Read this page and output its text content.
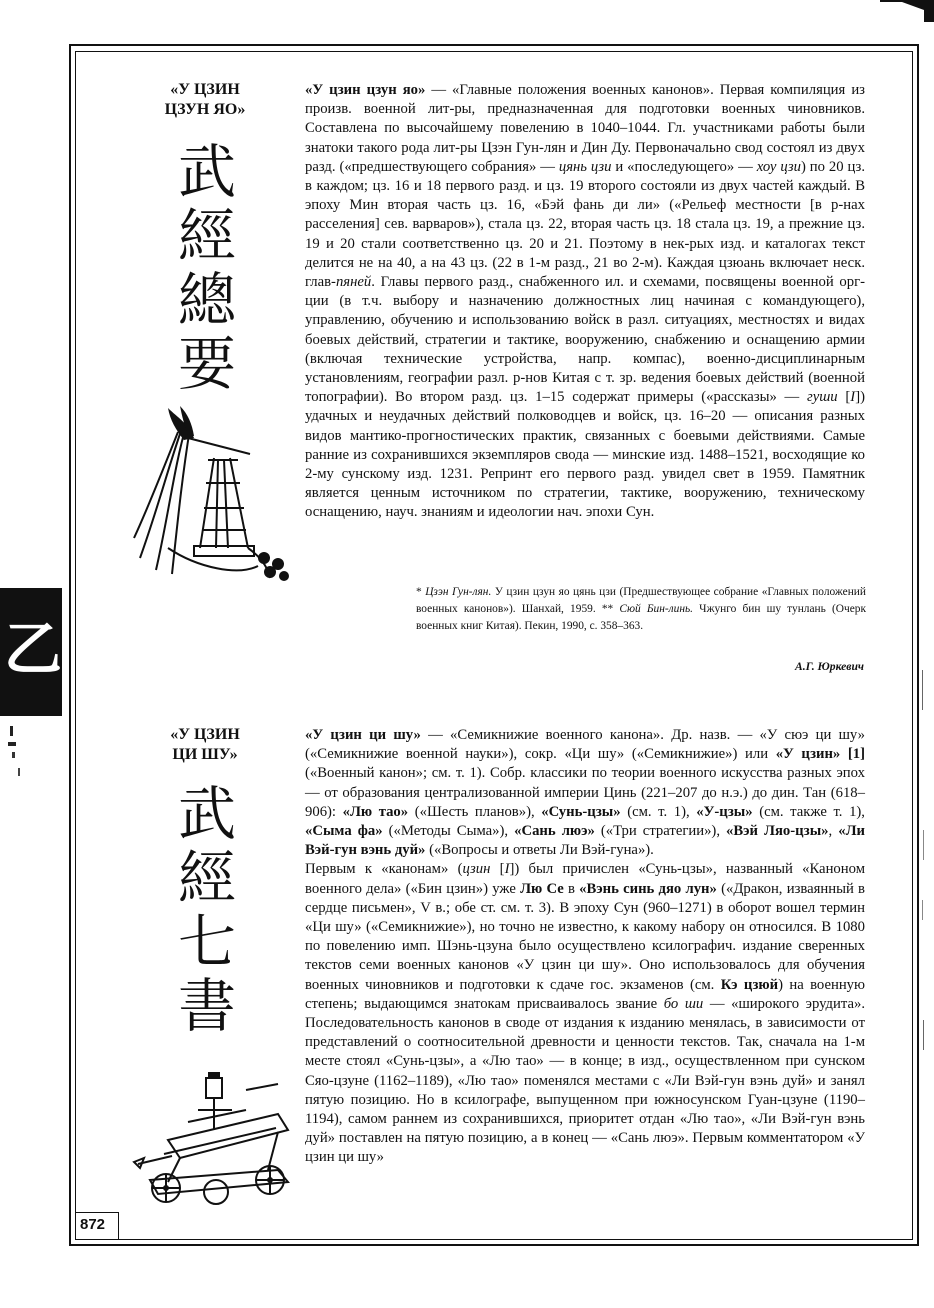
乙
«У ЦЗИН
ЦЗУН ЯО»
武
經
總
要

«У цзин цзун яо» — «Главные положения военных канонов». Первая компиляция из произв. военной лит-ры, предназначенная для подготовки военных чиновников. Составлена по высочайшему повелению в 1040–1044. Гл. участниками работы были знатоки такого рода лит-ры Цзэн Гун-лян и Дин Ду. Первоначально свод состоял из двух разд. («предшествующего собрания» — цянь цзи и «последующего» — хоу цзи) по 20 цз. в каждом; цз. 16 и 18 первого разд. и цз. 19 второго состояли из двух частей каждый. В эпоху Мин вторая часть цз. 16, «Бэй фань ди ли» («Рельеф местности [в р-нах расселения] сев. варваров»), стала цз. 22, вторая часть цз. 18 стала цз. 19, а прежние цз. 19 и 20 стали соответственно цз. 20 и 21. Поэтому в нек-рых изд. и каталогах текст делится не на 40, а на 43 цз. (22 в 1-м разд., 21 во 2-м). Каждая цзюань включает неск. глав-пяней. Главы первого разд., снабженного ил. и схемами, посвящены военной орг-ции (в т.ч. выбору и назначению должностных лиц начиная с командующего), управлению, обучению и использованию войск в разл. ситуациях, местностях и видах боевых действий, стратегии и тактике, вооружению, снабжению и оснащению армии (включая технические устройства, напр. компас), военно-дисциплинарным установлениям, географии разл. р-нов Китая с т. зр. ведения боевых действий (военной топографии). Во втором разд. цз. 1–15 содержат примеры («рассказы» — гуши [I]) удачных и неудачных действий полководцев и войск, цз. 16–20 — описания разных видов мантико-прогностических практик, связанных с боевыми действиями. Самые ранние из сохранившихся экземпляров свода — минские изд. 1488–1521, восходящие ко 2-му сунскому изд. 1231. Репринт его первого разд. увидел свет в 1959. Памятник является ценным источником по стратегии, тактике, вооружению, техническому оснащению, науч. знаниям и идеологии нач. эпохи Сун.

* Цзэн Гун-лян. У цзин цзун яо цянь цзи (Предшествующее собрание «Главных положений военных канонов»). Шанхай, 1959. ** Сюй Бин-линь. Чжунго бин шу тунлань (Очерк военных книг Китая). Пекин, 1990, с. 358–363.
А.Г. Юркевич
«У ЦЗИН
ЦИ ШУ»
武
經
七
書

«У цзин ци шу» — «Семикнижие военного канона». Др. назв. — «У сюэ ци шу» («Семикнижие военной науки»), сокр. «Ци шу» («Семикнижие») или «У цзин» [1] («Военный канон»; см. т. 1). Собр. классики по теории военного искусства разных эпох — от образования централизованной империи Цинь (221–207 до н.э.) до дин. Тан (618–906): «Лю тао» («Шесть планов»), «Сунь-цзы» (см. т. 1), «У-цзы» (см. также т. 1), «Сыма фа» («Методы Сыма»), «Сань люэ» («Три стратегии»), «Вэй Ляо-цзы», «Ли Вэй-гун вэнь дуй» («Вопросы и ответы Ли Вэй-гуна»).

Первым к «канонам» (цзин [I]) был причислен «Сунь-цзы», названный «Каноном военного дела» («Бин цзин») уже Лю Се в «Вэнь синь дяо лун» («Дракон, изваянный в сердце письмен», V в.; обе ст. см. т. 3). В эпоху Сун (960–1271) в оборот вошел термин «Ци шу» («Семикнижие»), но точно не известно, к какому набору он относился. В 1080 по повелению имп. Шэнь-цзуна было осуществлено ксилографич. издание сверенных текстов семи военных канонов «У цзин ци шу». Оно использовалось для обучения военных чиновников и подготовки к сдаче гос. экзаменов (см. Кэ цзюй) на военную степень; выдающимся знатокам присваивалось звание бо ши — «широкого эрудита». Последовательность канонов в своде от издания к изданию менялась, в зависимости от представлений о соотносительной древности и ценности текстов. Так, сначала на 1-м месте стоял «Сунь-цзы», а «Лю тао» — в конце; в изд., осуществленном при сунском Сяо-цзуне (1162–1189), «Лю тао» поменялся местами с «Ли Вэй-гун вэнь дуй» и занял пятую позицию. Но в ксилографе, выпущенном при южносунском Гуан-цзуне (1190–1194), самом раннем из сохранившихся, приоритет отдан «Лю тао», «Ли Вэй-гун вэнь дуй» поставлен на пятую позицию, а в конец — «Сань люэ». Первым комментатором «У цзин ци шу»

872
